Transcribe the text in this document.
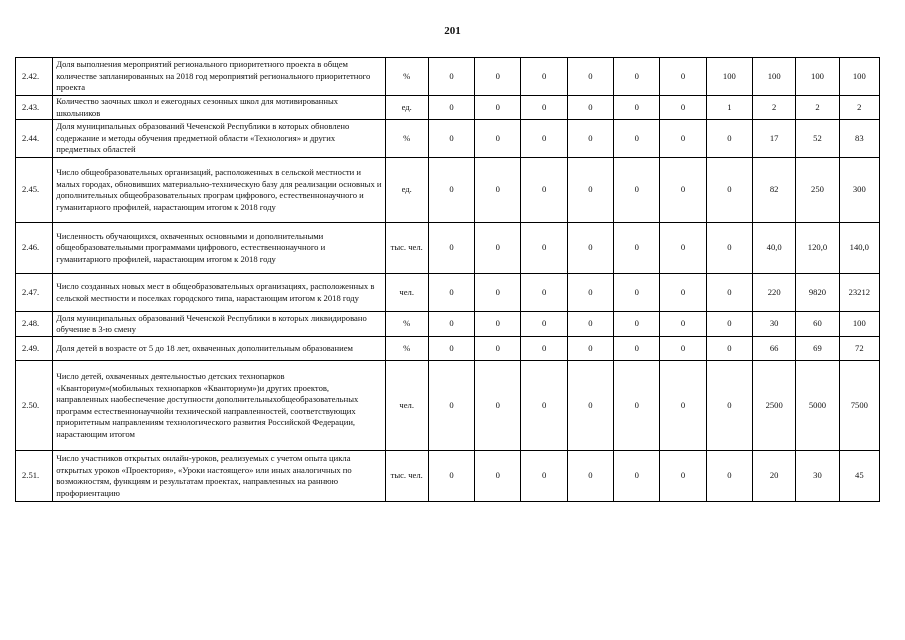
201
2.42.	Доля выполнения мероприятий регионального приоритетного проекта в общем количестве запланированных на 2018 год мероприятий регионального приоритетного проекта	%	0	0	0	0	0	0	100	100	100	100
2.43.	Количество заочных школ и ежегодных сезонных школ для мотивированных школьников	ед.	0	0	0	0	0	0	1	2	2	2
2.44.	Доля муниципальных образований Чеченской Республики в которых обновлено содержание и методы обучения предметной области «Технология» и других предметных областей	%	0	0	0	0	0	0	0	17	52	83
2.45.	Число общеобразовательных организаций, расположенных в сельской местности и малых городах, обновивших материально-техническую базу для реализации основных и дополнительных общеобразовательных програм цифрового, естественнонаучного и гуманитарного профилей, нарастающим итогом к 2018 году	ед.	0	0	0	0	0	0	0	82	250	300
2.46.	Численность обучающихся, охваченных основными и дополнительными общеобразовательными программами цифрового, естественнонаучного и гуманитарного профилей, нарастающим итогом к 2018 году	тыс. чел.	0	0	0	0	0	0	0	40,0	120,0	140,0
2.47.	Число созданных новых мест в общеобразовательных организациях, расположенных в сельской местности и поселках городского типа, нарастающим итогом к 2018 году	чел.	0	0	0	0	0	0	0	220	9820	23212
2.48.	Доля муниципальных образований Чеченской Республики в которых ликвидировано обучение в 3-ю смену	%	0	0	0	0	0	0	0	30	60	100
2.49.	Доля детей в возрасте от 5 до 18 лет, охваченных дополнительным образованием	%	0	0	0	0	0	0	0	66	69	72
2.50.	Число детей, охваченных деятельностью детских технопарков «Кванториум»(мобильных технопарков «Кванториум»)и других проектов, направленных наобеспечение доступности дополнительныхобщеобразовательных программ естественнонаучнойи технической направленностей, соответствующих приоритетным направлениям технологического развития Российской Федерации, нарастающим итогом	чел.	0	0	0	0	0	0	0	2500	5000	7500
2.51.	Число участников открытых онлайн-уроков, реализуемых с учетом опыта цикла открытых уроков «Проектория», «Уроки настоящего» или иных аналогичных по возможностям, функциям и результатам проектах, направленных на раннюю профориентацию	тыс. чел.	0	0	0	0	0	0	0	20	30	45
